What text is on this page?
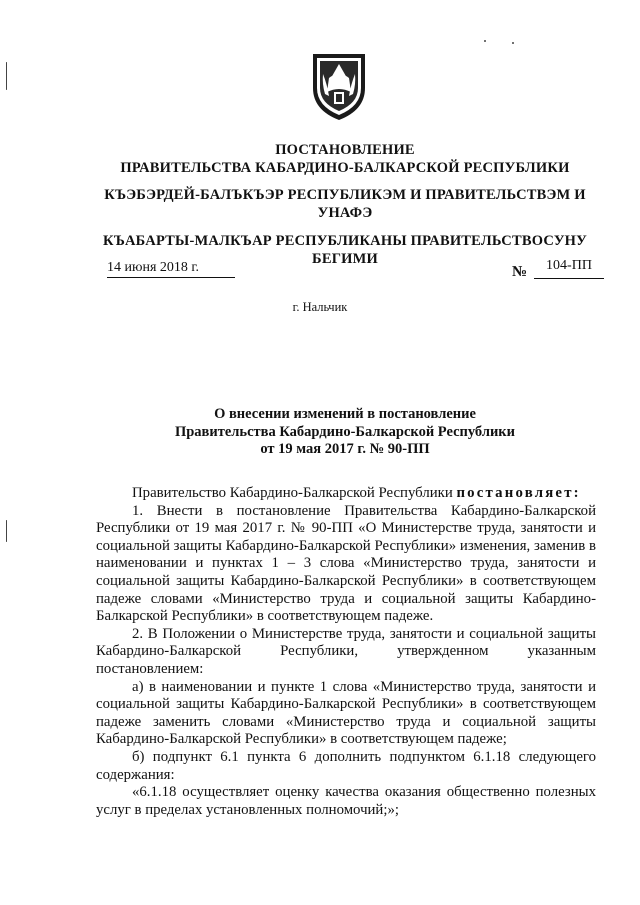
ПОСТАНОВЛЕНИЕ
ПРАВИТЕЛЬСТВА КАБАРДИНО-БАЛКАРСКОЙ РЕСПУБЛИКИ
КЪЭБЭРДЕЙ-БАЛЪКЪЭР РЕСПУБЛИКЭМ И ПРАВИТЕЛЬСТВЭМ И
УНАФЭ
КЪАБАРТЫ-МАЛКЪАР РЕСПУБЛИКАНЫ ПРАВИТЕЛЬСТВОСУНУ
БЕГИМИ
14 июня 2018 г.	№	104-ПП
г. Нальчик
О внесении изменений в постановление
Правительства Кабардино-Балкарской Республики
от 19 мая 2017 г. № 90-ПП

Правительство Кабардино-Балкарской Республики постановляет:

1. Внести в постановление Правительства Кабардино-Балкарской Республики от 19 мая 2017 г. № 90-ПП «О Министерстве труда, занятости и социальной защиты Кабардино-Балкарской Республики» изменения, заменив в наименовании и пунктах 1 – 3 слова «Министерство труда, занятости и социальной защиты Кабардино-Балкарской Республики» в соответствующем падеже словами «Министерство труда и социальной защиты Кабардино-Балкарской Республики» в соответствующем падеже.

2. В Положении о Министерстве труда, занятости и социальной защиты Кабардино-Балкарской Республики, утвержденном указанным постановлением:

а) в наименовании и пункте 1 слова «Министерство труда, занятости и социальной защиты Кабардино-Балкарской Республики» в соответствующем падеже заменить словами «Министерство труда и социальной защиты Кабардино-Балкарской Республики» в соответствующем падеже;

б) подпункт 6.1 пункта 6 дополнить подпунктом 6.1.18 следующего содержания:

«6.1.18 осуществляет оценку качества оказания общественно полезных услуг в пределах установленных полномочий;»;
